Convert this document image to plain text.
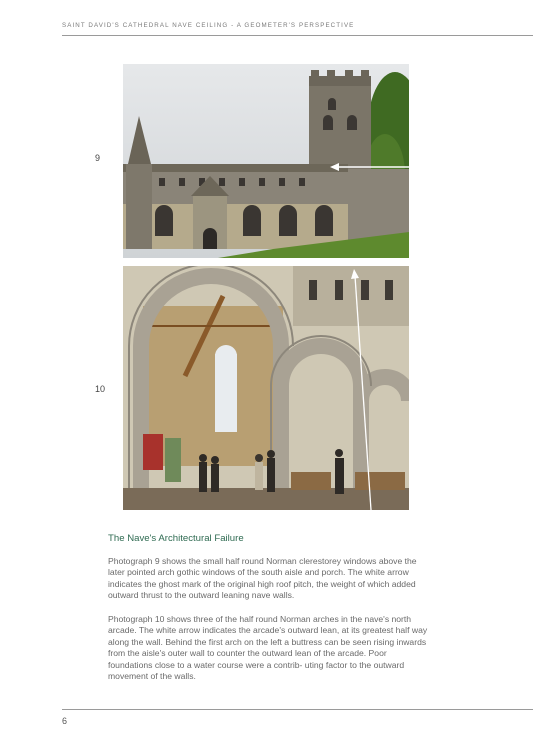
SAINT DAVID'S CATHEDRAL NAVE CEILING - A GEOMETER'S PERSPECTIVE
9
10
The Nave's Architectural Failure

Photograph 9 shows the small half round Norman clerestorey windows above the later pointed arch gothic windows of the south aisle and porch. The white arrow indicates the ghost mark of the original high roof pitch, the weight of which added outward thrust to the outward leaning nave walls.

Photograph 10 shows three of the half round Norman arches in the nave's north arcade. The white arrow indicates the arcade's outward lean, at its greatest half way along the wall. Behind the first arch on the left a buttress can be seen rising inwards from the aisle's outer wall to counter the outward lean of the arcade. Poor foundations close to a water course were a contrib- uting factor to the outward movement of the walls.

6
